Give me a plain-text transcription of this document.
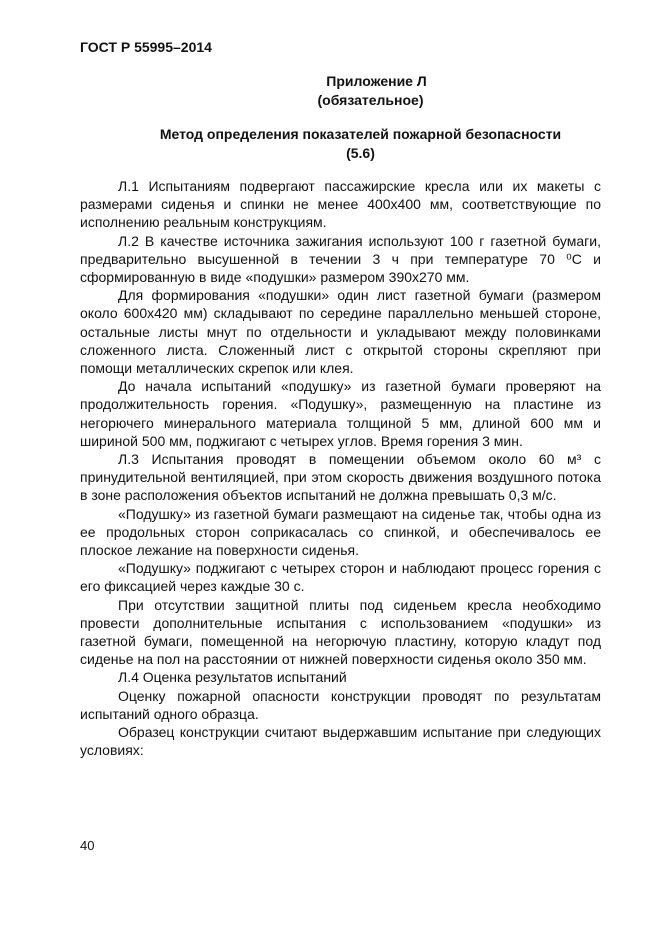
ГОСТ Р 55995–2014

Приложение Л
(обязательное)
Метод определения показателей пожарной безопасности
(5.6)

Л.1 Испытаниям подвергают пассажирские кресла или их макеты с размерами сиденья и спинки не менее 400x400 мм, соответствующие по исполнению реальным конструкциям.

Л.2 В качестве источника зажигания используют 100 г газетной бумаги, предварительно высушенной в течении 3 ч при температуре 70 ⁰С и сформированную в виде «подушки» размером 390x270 мм.

Для формирования «подушки» один лист газетной бумаги (размером около 600x420 мм) складывают по середине параллельно меньшей стороне, остальные листы мнут по отдельности и укладывают между половинками сложенного листа. Сложенный лист с открытой стороны скрепляют при помощи металлических скрепок или клея.

До начала испытаний «подушку» из газетной бумаги проверяют на продолжительность горения. «Подушку», размещенную на пластине из негорючего минерального материала толщиной 5 мм, длиной 600 мм и шириной 500 мм, поджигают с четырех углов. Время горения 3 мин.

Л.3 Испытания проводят в помещении объемом около 60 м³ с принудительной вентиляцией, при этом скорость движения воздушного потока в зоне расположения объектов испытаний не должна превышать 0,3 м/с.

«Подушку» из газетной бумаги размещают на сиденье так, чтобы одна из ее продольных сторон соприкасалась со спинкой, и обеспечивалось ее плоское лежание на поверхности сиденья.

«Подушку» поджигают с четырех сторон и наблюдают процесс горения с его фиксацией через каждые 30 с.

При отсутствии защитной плиты под сиденьем кресла необходимо провести дополнительные испытания с использованием «подушки» из газетной бумаги, помещенной на негорючую пластину, которую кладут под сиденье на пол на расстоянии от нижней поверхности сиденья около 350 мм.

Л.4 Оценка результатов испытаний

Оценку пожарной опасности конструкции проводят по результатам испытаний одного образца.

Образец конструкции считают выдержавшим испытание при следующих условиях:

40
